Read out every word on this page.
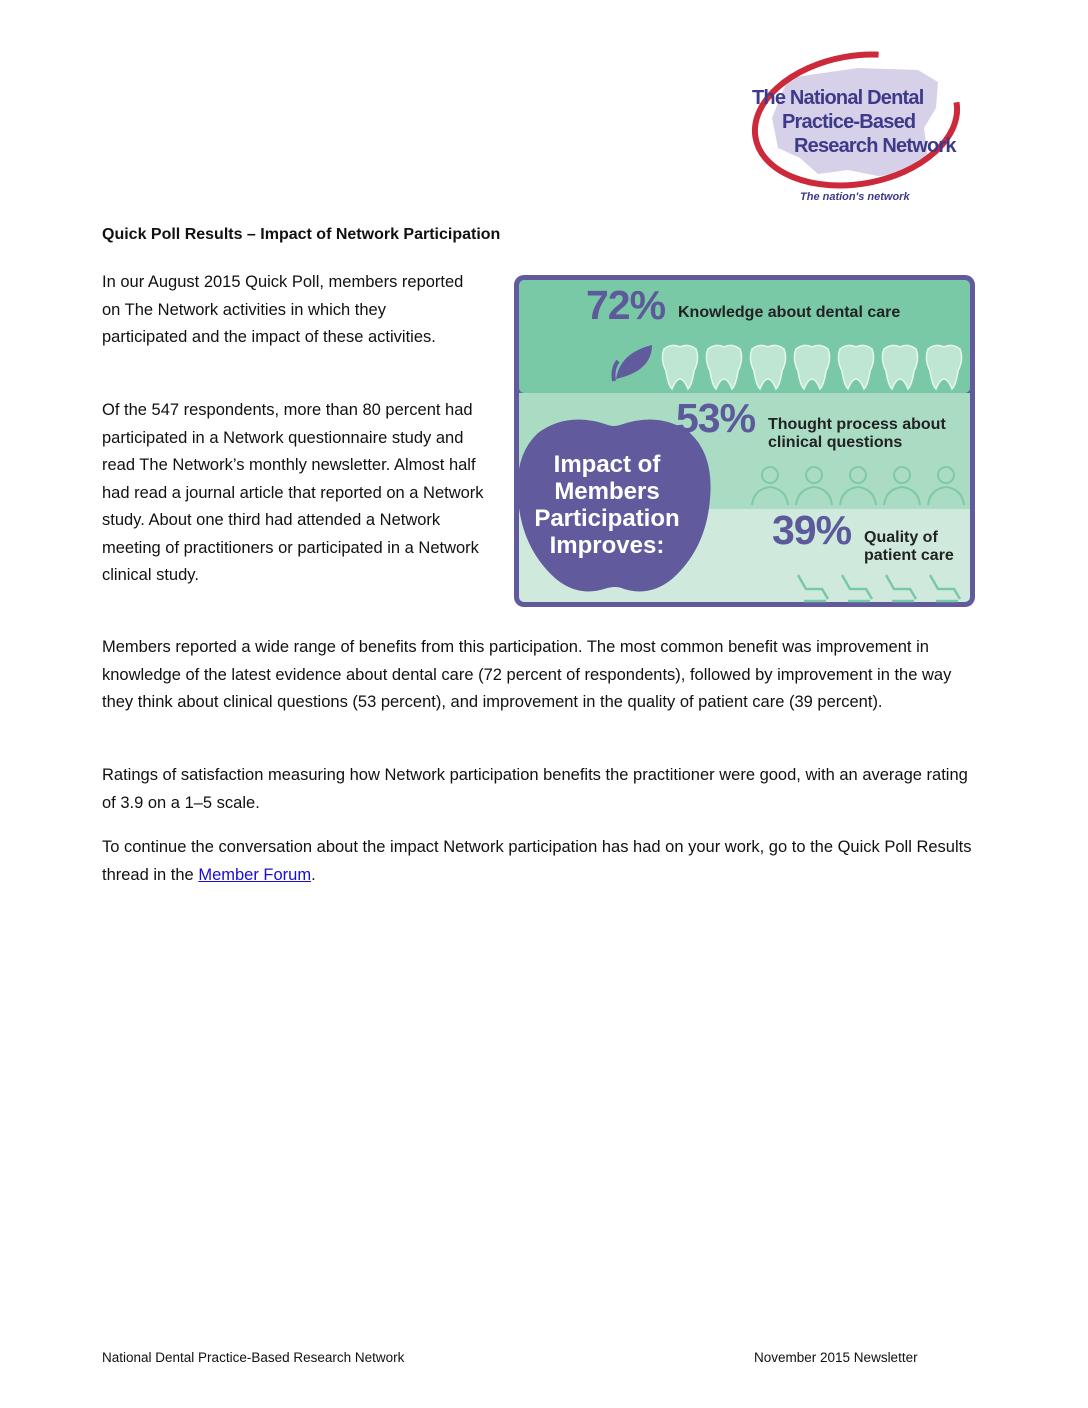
The National Dental
Practice-Based
Research Network
The nation's network
Quick Poll Results – Impact of Network Participation

In our August 2015 Quick Poll, members reported on The Network activities in which they participated and the impact of these activities.

Of the 547 respondents, more than 80 percent had participated in a Network questionnaire study and read The Network’s monthly newsletter. Almost half had read a journal article that reported on a Network study. About one third had attended a Network meeting of practitioners or participated in a Network clinical study.

72% Knowledge about dental care
53% Thought process about
clinical questions
39% Quality of
patient care
Impact of
Members
Participation
Improves:

Members reported a wide range of benefits from this participation. The most common benefit was improvement in knowledge of the latest evidence about dental care (72 percent of respondents), followed by improvement in the way they think about clinical questions (53 percent), and improvement in the quality of patient care (39 percent).

Ratings of satisfaction measuring how Network participation benefits the practitioner were good, with an average rating of 3.9 on a 1–5 scale.

To continue the conversation about the impact Network participation has had on your work, go to the Quick Poll Results thread in the Member Forum.

National Dental Practice-Based Research Network	November 2015 Newsletter
